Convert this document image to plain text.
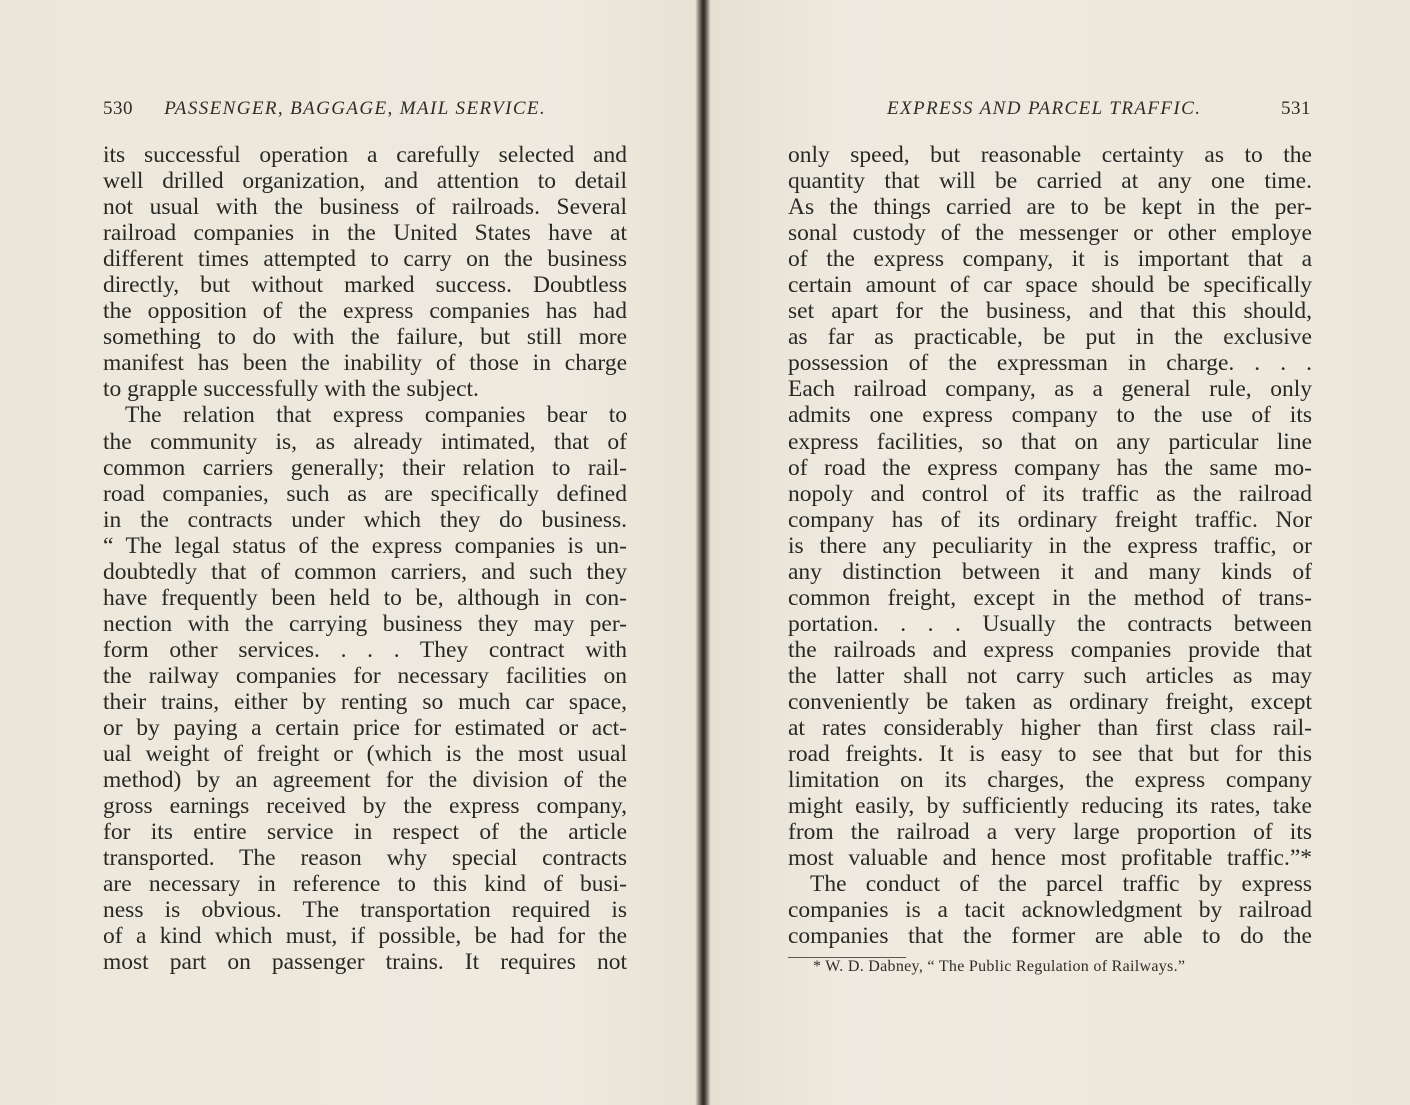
530 PASSENGER, BAGGAGE, MAIL SERVICE.
its successful operation a carefully selected and
well drilled organization, and attention to detail
not usual with the business of railroads. Several
railroad companies in the United States have at
different times attempted to carry on the business
directly, but without marked success. Doubtless
the opposition of the express companies has had
something to do with the failure, but still more
manifest has been the inability of those in charge
to grapple successfully with the subject.
The relation that express companies bear to
the community is, as already intimated, that of
common carriers generally; their relation to rail-
road companies, such as are specifically defined
in the contracts under which they do business.
“ The legal status of the express companies is un-
doubtedly that of common carriers, and such they
have frequently been held to be, although in con-
nection with the carrying business they may per-
form other services. . . . They contract with
the railway companies for necessary facilities on
their trains, either by renting so much car space,
or by paying a certain price for estimated or act-
ual weight of freight or (which is the most usual
method) by an agreement for the division of the
gross earnings received by the express company,
for its entire service in respect of the article
transported. The reason why special contracts
are necessary in reference to this kind of busi-
ness is obvious. The transportation required is
of a kind which must, if possible, be had for the
most part on passenger trains. It requires not
EXPRESS AND PARCEL TRAFFIC.	531
only speed, but reasonable certainty as to the
quantity that will be carried at any one time.
As the things carried are to be kept in the per-
sonal custody of the messenger or other employe
of the express company, it is important that a
certain amount of car space should be specifically
set apart for the business, and that this should,
as far as practicable, be put in the exclusive
possession of the expressman in charge. . . .
Each railroad company, as a general rule, only
admits one express company to the use of its
express facilities, so that on any particular line
of road the express company has the same mo-
nopoly and control of its traffic as the railroad
company has of its ordinary freight traffic. Nor
is there any peculiarity in the express traffic, or
any distinction between it and many kinds of
common freight, except in the method of trans-
portation. . . . Usually the contracts between
the railroads and express companies provide that
the latter shall not carry such articles as may
conveniently be taken as ordinary freight, except
at rates considerably higher than first class rail-
road freights. It is easy to see that but for this
limitation on its charges, the express company
might easily, by sufficiently reducing its rates, take
from the railroad a very large proportion of its
most valuable and hence most profitable traffic.”*
The conduct of the parcel traffic by express
companies is a tacit acknowledgment by railroad
companies that the former are able to do the
* W. D. Dabney, “ The Public Regulation of Railways.”
